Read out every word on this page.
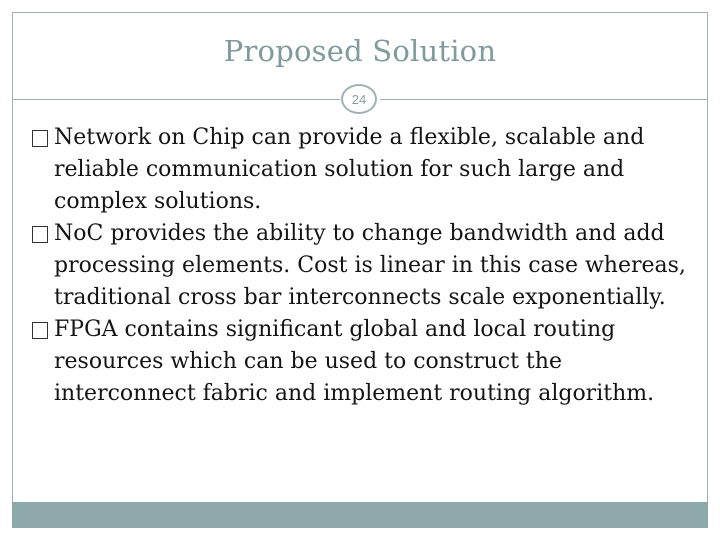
Proposed Solution
24

Network on Chip can provide a flexible, scalable and reliable communication solution for such large and complex solutions.

NoC provides the ability to change bandwidth and add processing elements. Cost is linear in this case whereas, traditional cross bar interconnects scale exponentially.

FPGA contains significant global and local routing resources which can be used to construct the interconnect fabric and implement routing algorithm.
